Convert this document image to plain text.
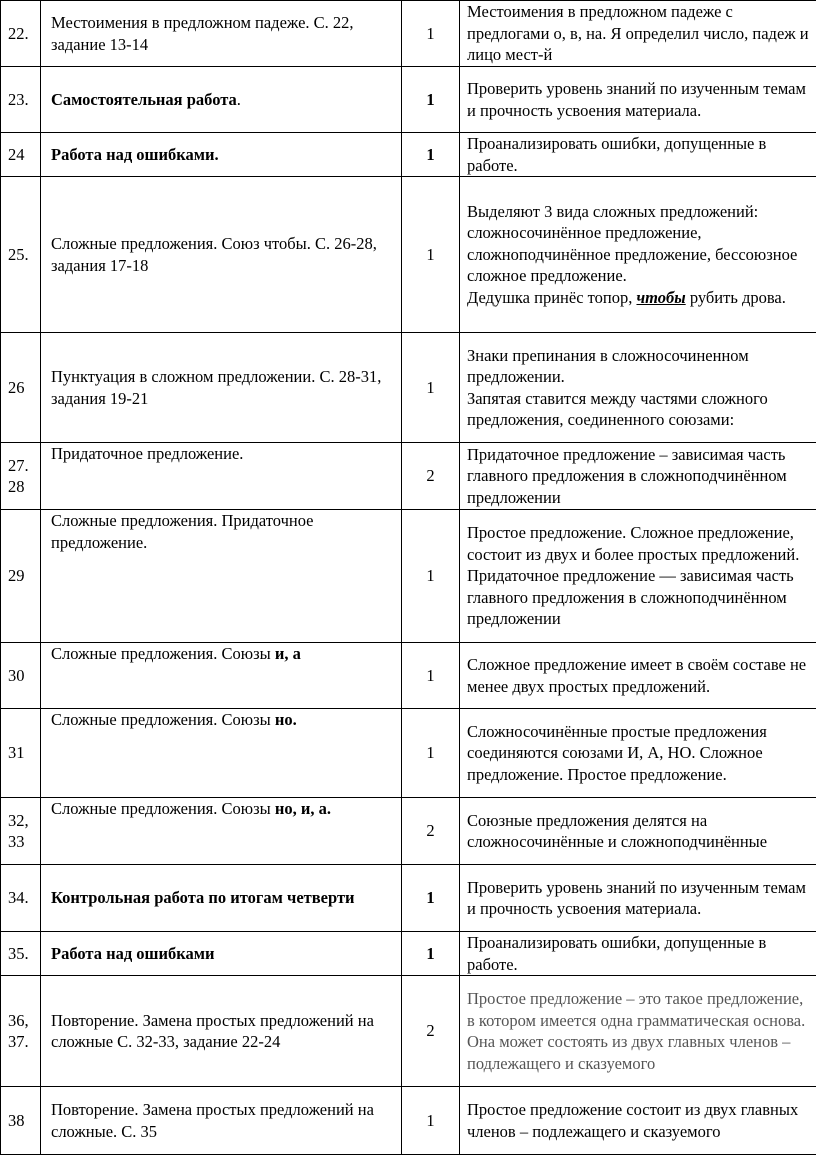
22.	Местоимения в предложном падеже. С. 22, задание 13-14	1	Местоимения в предложном падеже с предлогами о, в, на. Я определил число, падеж и лицо мест-й
23.	Самостоятельная работа.	1	Проверить уровень знаний по изученным темам и прочность усвоения материала.
24	Работа над ошибками.	1	Проанализировать ошибки, допущенные в работе.
25.	Сложные предложения. Союз чтобы. С. 26-28, задания 17-18	1	Выделяют 3 вида сложных предложений: сложносочинённое предложение, сложноподчинённое предложение, бессоюзное сложное предложение.
Дедушка принёс топор, чтобы рубить дрова.

26	Пунктуация в сложном предложении. С. 28-31, задания 19-21	1	Знаки препинания в сложносочиненном предложении.
Запятая ставится между частями сложного предложения, соединенного союзами:

27. 28	Придаточное предложение.	2	Придаточное предложение – зависимая часть главного предложения в сложноподчинённом предложении
29	Сложные предложения. Придаточное предложение.	1	Простое предложение. Сложное предложение, состоит из двух и более простых предложений. Придаточное предложение — зависимая часть главного предложения в сложноподчинённом предложении
30	Сложные предложения. Союзы и, а	1	Сложное предложение имеет в своём составе не менее двух простых предложений.
31	Сложные предложения. Союзы но.	1	Сложносочинённые простые предложения соединяются союзами И, А, НО. Сложное предложение. Простое предложение.
32, 33	Сложные предложения. Союзы но, и, а.	2	Союзные предложения делятся на сложносочинённые и сложноподчинённые
34.	Контрольная работа по итогам четверти	1	Проверить уровень знаний по изученным темам и прочность усвоения материала.
35.	Работа над ошибками	1	Проанализировать ошибки, допущенные в работе.
36, 37.	Повторение. Замена простых предложений на сложные С. 32-33, задание 22-24	2	Простое предложение – это такое предложение, в котором имеется одна грамматическая основа. Она может состоять из двух главных членов – подлежащего и сказуемого
38	Повторение. Замена простых предложений на сложные. С. 35	1	Простое предложение состоит из двух главных членов – подлежащего и сказуемого
